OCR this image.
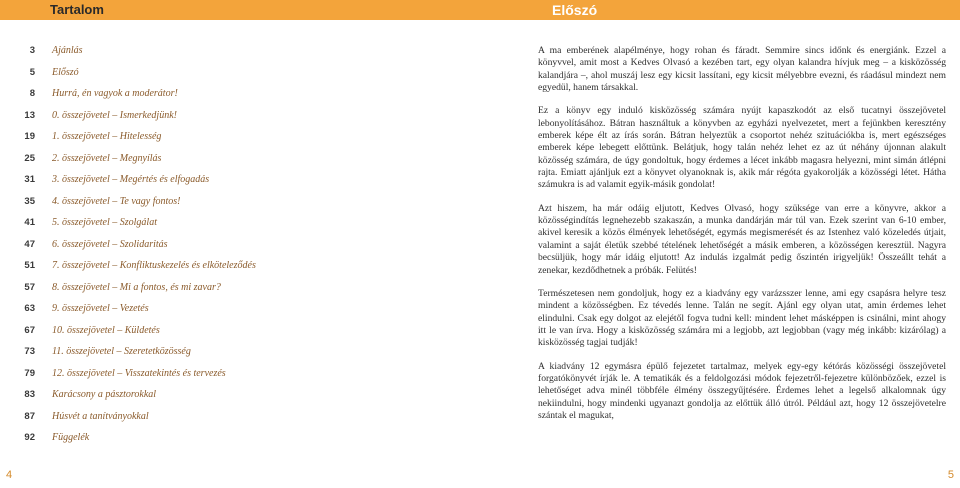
Tartalom
3 Ajánlás
5 Előszó
8 Hurrá, én vagyok a moderátor!
13 0. összejövetel – Ismerkedjünk!
19 1. összejövetel – Hitelesség
25 2. összejövetel – Megnyílás
31 3. összejövetel – Megértés és elfogadás
35 4. összejövetel – Te vagy fontos!
41 5. összejövetel – Szolgálat
47 6. összejövetel – Szolidaritás
51 7. összejövetel – Konfliktuskezelés és elköteleződés
57 8. összejövetel – Mi a fontos, és mi zavar?
63 9. összejövetel – Vezetés
67 10. összejövetel – Küldetés
73 11. összejövetel – Szeretetközösség
79 12. összejövetel – Visszatekintés és tervezés
83 Karácsony a pásztorokkal
87 Húsvét a tanítványokkal
92 Függelék
4
Előszó

A ma emberének alapélménye, hogy rohan és fáradt. Semmire sincs időnk és energiánk. Ezzel a könyvvel, amit most a Kedves Olvasó a kezében tart, egy olyan kalandra hívjuk meg – a kisközösség kalandjára –, ahol muszáj lesz egy kicsit lassítani, egy kicsit mélyebbre evezni, és ráadásul mindezt nem egyedül, hanem társakkal.

Ez a könyv egy induló kisközösség számára nyújt kapaszkodót az első tucatnyi összejövetel lebonyolításához. Bátran használtuk a könyvben az egyházi nyelvezetet, mert a fejünkben keresztény emberek képe élt az írás során. Bátran helyeztük a csoportot nehéz szituációkba is, mert egészséges emberek képe lebegett előttünk. Belátjuk, hogy talán nehéz lehet ez az út néhány újonnan alakult közösség számára, de úgy gondoltuk, hogy érdemes a lécet inkább magasra helyezni, mint simán átlépni rajta. Emiatt ajánljuk ezt a könyvet olyanoknak is, akik már régóta gyakorolják a közösségi létet. Hátha számukra is ad valamit egyik-másik gondolat!

Azt hiszem, ha már odáig eljutott, Kedves Olvasó, hogy szüksége van erre a könyvre, akkor a közösségindítás legnehezebb szakaszán, a munka dandárján már túl van. Ezek szerint van 6-10 ember, akivel keresik a közös élmények lehetőségét, egymás megismerését és az Istenhez való közeledés útjait, valamint a saját életük szebbé tételének lehetőségét a másik emberen, a közösségen keresztül. Nagyra becsüljük, hogy már idáig eljutott! Az indulás izgalmát pedig őszintén irigyeljük! Összeállt tehát a zenekar, kezdődhetnek a próbák. Felütés!

Természetesen nem gondoljuk, hogy ez a kiadvány egy varázsszer lenne, ami egy csapásra helyre tesz mindent a közösségben. Ez tévedés lenne. Talán ne segít. Ajánl egy olyan utat, amin érdemes lehet elindulni. Csak egy dolgot az elejétől fogva tudni kell: mindent lehet másképpen is csinálni, mint ahogy itt le van írva. Hogy a kisközösség számára mi a legjobb, azt legjobban (vagy még inkább: kizárólag) a kisközösség tagjai tudják!

A kiadvány 12 egymásra épülő fejezetet tartalmaz, melyek egy-egy kétórás közösségi összejövetel forgatókönyvét írják le. A tematikák és a feldolgozási módok fejezetről-fejezetre különbözőek, ezzel is lehetőséget adva minél többféle élmény összegyűjtésére. Érdemes lehet a legelső alkalomnak úgy nekiindulni, hogy mindenki ugyanazt gondolja az előttük álló útról. Például azt, hogy 12 összejövetelre szántak el magukat,

5
